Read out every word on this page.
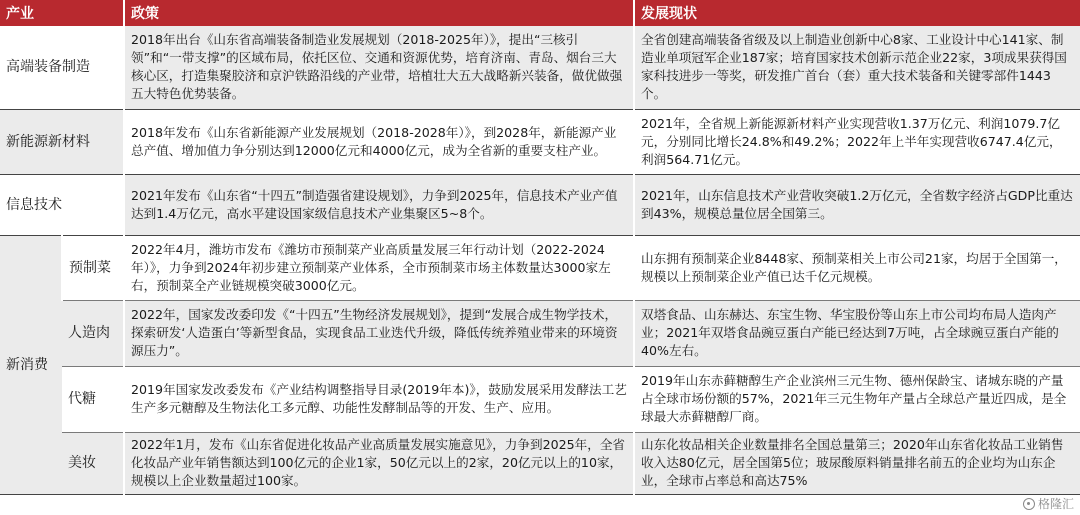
产业		政策	发展现状
高端装备制造		2018年出台《山东省高端装备制造业发展规划（2018-2025年）》，提出“三核引领”和“一带支撑”的区域布局，依托区位、交通和资源优势，培育济南、青岛、烟台三大核心区，打造集聚胶济和京沪铁路沿线的产业带，培植壮大五大战略新兴装备，做优做强五大特色优势装备。	全省创建高端装备省级及以上制造业创新中心8家、工业设计中心141家、制造业单项冠军企业187家；培育国家技术创新示范企业22家，3项成果获得国家科技进步一等奖，研发推广首台（套）重大技术装备和关键零部件1443个。
新能源新材料		2018年发布《山东省新能源产业发展规划（2018-2028年）》，到2028年，新能源产业总产值、增加值力争分别达到12000亿元和4000亿元，成为全省新的重要支柱产业。	2021年，全省规上新能源新材料产业实现营收1.37万亿元、利润1079.7亿元，分别同比增长24.8%和49.2%；2022年上半年实现营收6747.4亿元，利润564.71亿元。
信息技术		2021年发布《山东省“十四五”制造强省建设规划》，力争到2025年，信息技术产业产值达到1.4万亿元，高水平建设国家级信息技术产业集聚区5~8个。	2021年，山东信息技术产业营收突破1.2万亿元，全省数字经济占GDP比重达到43%，规模总量位居全国第三。
新消费	预制菜	2022年4月，潍坊市发布《潍坊市预制菜产业高质量发展三年行动计划（2022-2024年）》，力争到2024年初步建立预制菜产业体系，全市预制菜市场主体数量达3000家左右，预制菜全产业链规模突破3000亿元。	山东拥有预制菜企业8448家、预制菜相关上市公司21家，均居于全国第一，规模以上预制菜企业产值已达千亿元规模。
	人造肉	2022年，国家发改委印发《“十四五”生物经济发展规划》，提到“发展合成生物学技术，探索研发‘人造蛋白’等新型食品，实现食品工业迭代升级，降低传统养殖业带来的环境资源压力”。	双塔食品、山东赫达、东宝生物、华宝股份等山东上市公司均布局人造肉产业；2021年双塔食品豌豆蛋白产能已经达到7万吨，占全球豌豆蛋白产能的40%左右。
	代糖	2019年国家发改委发布《产业结构调整指导目录(2019年本)》，鼓励发展采用发酵法工艺生产多元糖醇及生物法化工多元醇、功能性发酵制品等的开发、生产、应用。	2019年山东赤藓糖醇生产企业滨州三元生物、德州保龄宝、诸城东晓的产量占全球市场份额的57%，2021年三元生物年产量占全球总产量近四成，是全球最大赤藓糖醇厂商。
	美妆	2022年1月，发布《山东省促进化妆品产业高质量发展实施意见》，力争到2025年，全省化妆品产业年销售额达到100亿元的企业1家，50亿元以上的2家，20亿元以上的10家，规模以上企业数量超过100家。	山东化妆品相关企业数量排名全国总量第三；2020年山东省化妆品工业销售收入达80亿元，居全国第5位；玻尿酸原料销量排名前五的企业均为山东企业，全球市占率总和高达75%
格隆汇
